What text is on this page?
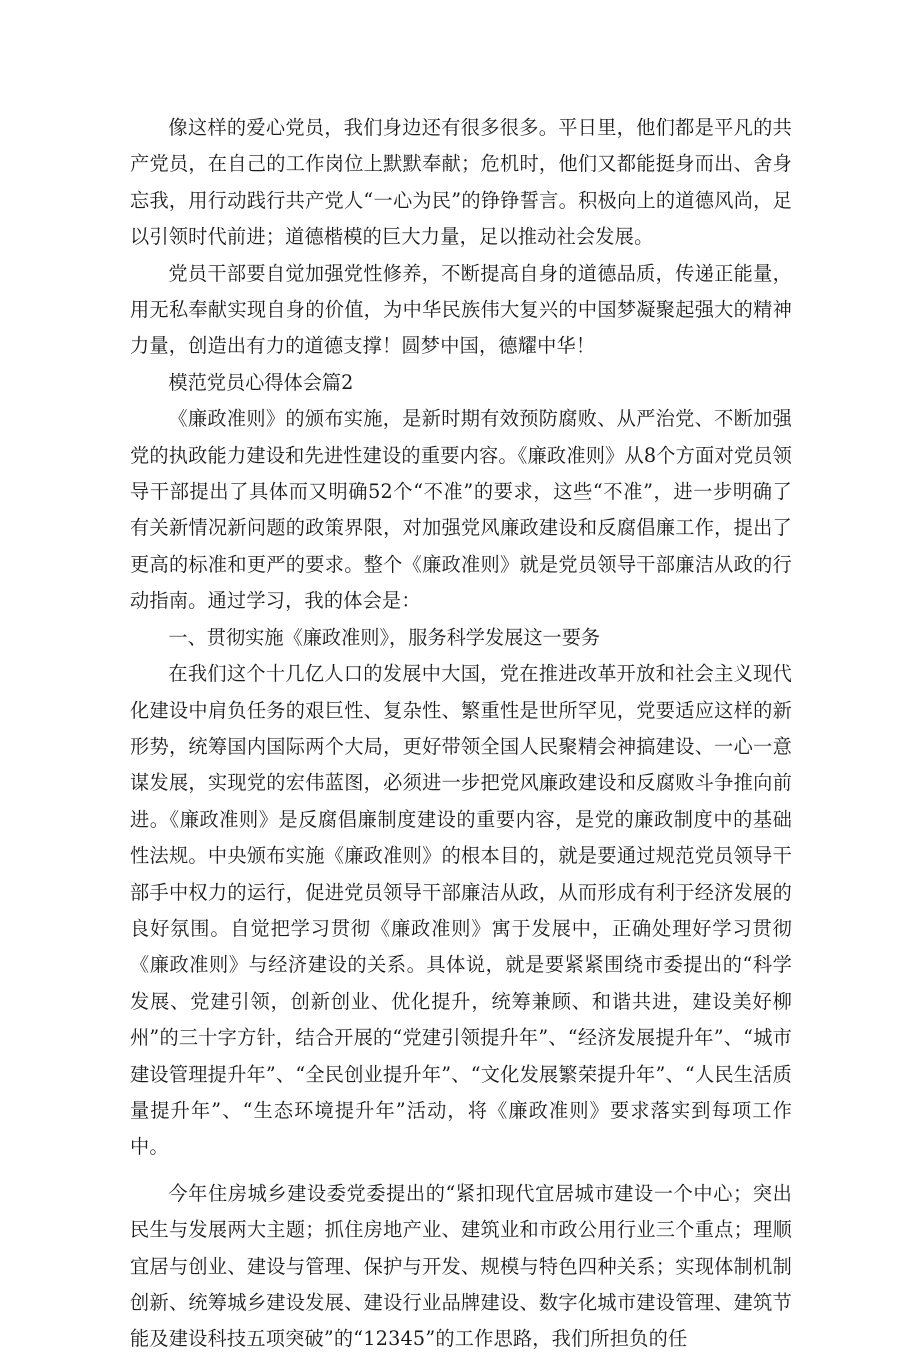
像这样的爱心党员，我们身边还有很多很多。平日里，他们都是平凡的共产党员，在自己的工作岗位上默默奉献；危机时，他们又都能挺身而出、舍身忘我，用行动践行共产党人“一心为民”的铮铮誓言。积极向上的道德风尚，足以引领时代前进；道德楷模的巨大力量，足以推动社会发展。

党员干部要自觉加强党性修养，不断提高自身的道德品质，传递正能量，用无私奉献实现自身的价值，为中华民族伟大复兴的中国梦凝聚起强大的精神力量，创造出有力的道德支撑！圆梦中国，德耀中华！

模范党员心得体会篇2

《廉政准则》的颁布实施，是新时期有效预防腐败、从严治党、不断加强党的执政能力建设和先进性建设的重要内容。《廉政准则》从8个方面对党员领导干部提出了具体而又明确52个“不准”的要求，这些“不准”，进一步明确了有关新情况新问题的政策界限，对加强党风廉政建设和反腐倡廉工作，提出了更高的标准和更严的要求。整个《廉政准则》就是党员领导干部廉洁从政的行动指南。通过学习，我的体会是：

一、贯彻实施《廉政准则》，服务科学发展这一要务

在我们这个十几亿人口的发展中大国，党在推进改革开放和社会主义现代化建设中肩负任务的艰巨性、复杂性、繁重性是世所罕见，党要适应这样的新形势，统筹国内国际两个大局，更好带领全国人民聚精会神搞建设、一心一意谋发展，实现党的宏伟蓝图，必须进一步把党风廉政建设和反腐败斗争推向前进。《廉政准则》是反腐倡廉制度建设的重要内容，是党的廉政制度中的基础性法规。中央颁布实施《廉政准则》的根本目的，就是要通过规范党员领导干部手中权力的运行，促进党员领导干部廉洁从政，从而形成有利于经济发展的良好氛围。自觉把学习贯彻《廉政准则》寓于发展中，正确处理好学习贯彻《廉政准则》与经济建设的关系。具体说，就是要紧紧围绕市委提出的“科学发展、党建引领，创新创业、优化提升，统筹兼顾、和谐共进，建设美好柳州”的三十字方针，结合开展的“党建引领提升年”、“经济发展提升年”、“城市建设管理提升年”、“全民创业提升年”、“文化发展繁荣提升年”、“人民生活质量提升年”、“生态环境提升年”活动，将《廉政准则》要求落实到每项工作中。

今年住房城乡建设委党委提出的“紧扣现代宜居城市建设一个中心；突出民生与发展两大主题；抓住房地产业、建筑业和市政公用行业三个重点；理顺宜居与创业、建设与管理、保护与开发、规模与特色四种关系；实现体制机制创新、统筹城乡建设发展、建设行业品牌建设、数字化城市建设管理、建筑节能及建设科技五项突破”的“12345”的工作思路，我们所担负的任
